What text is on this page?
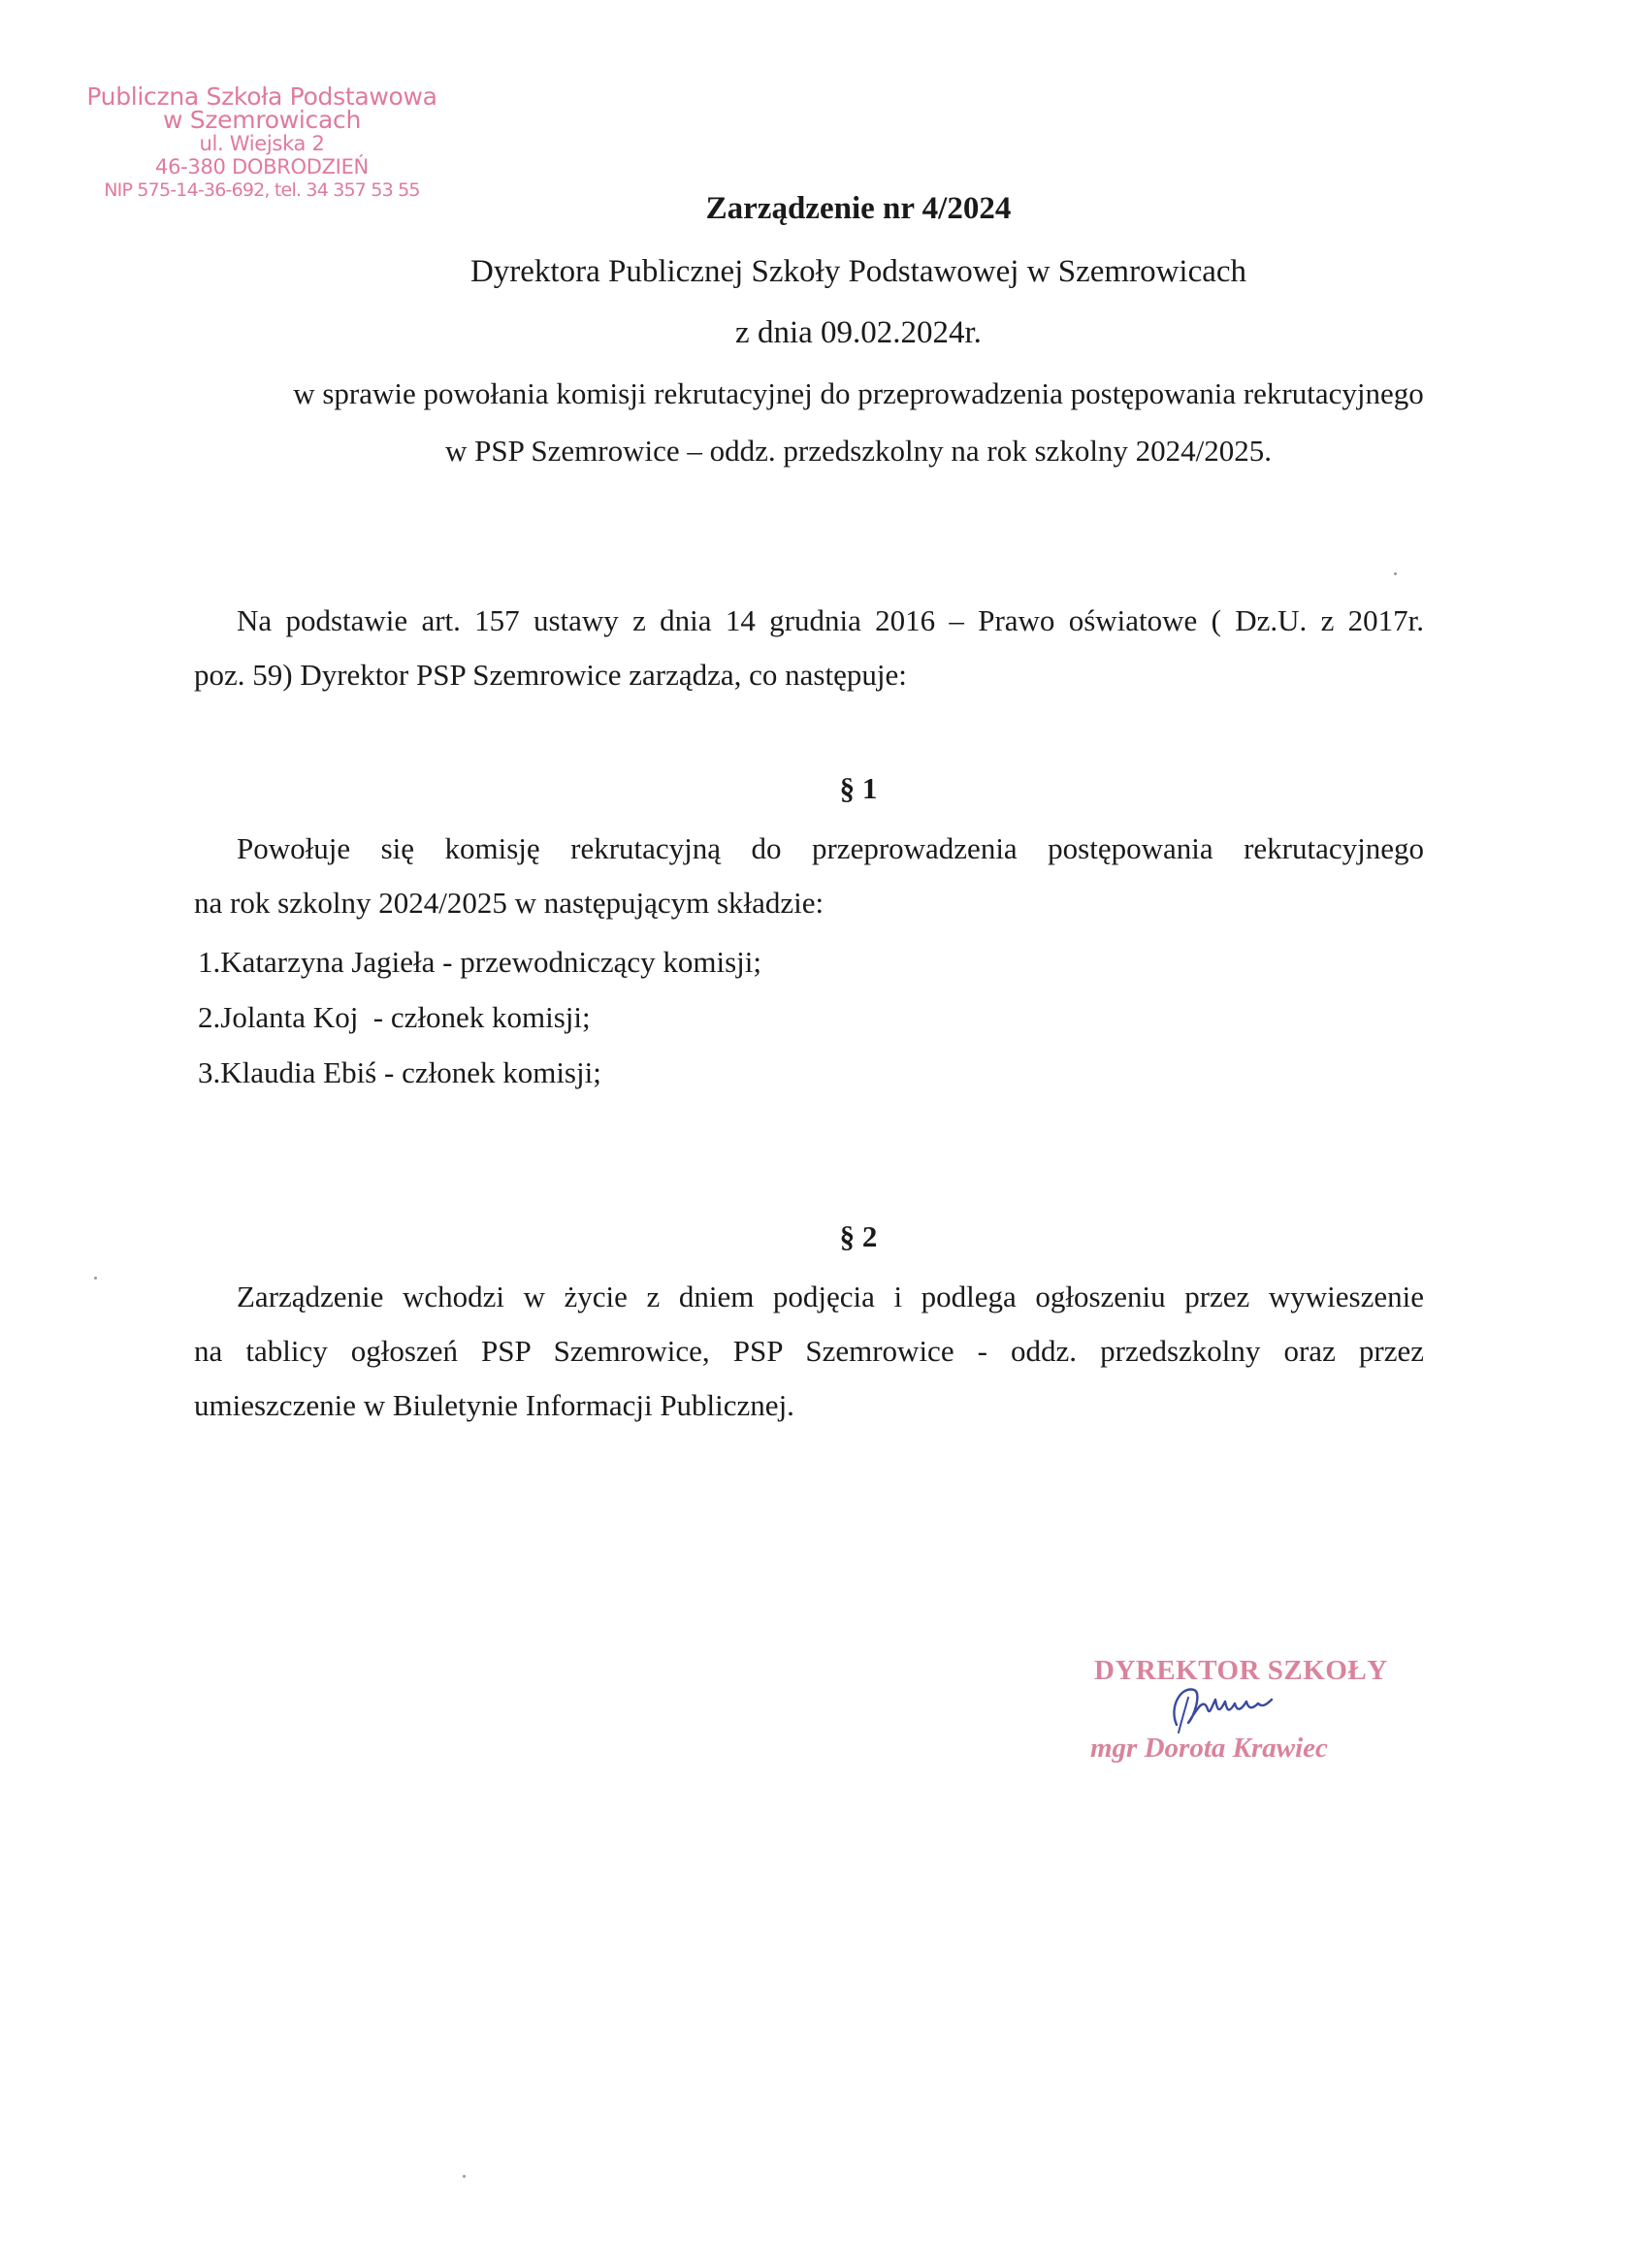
Publiczna Szkoła Podstawowa
w Szemrowicach
ul. Wiejska 2
46-380 DOBRODZIEŃ
NIP 575-14-36-692, tel. 34 357 53 55
Zarządzenie nr 4/2024
Dyrektora Publicznej Szkoły Podstawowej w Szemrowicach
z dnia 09.02.2024r.
w sprawie powołania komisji rekrutacyjnej do przeprowadzenia postępowania rekrutacyjnego
w PSP Szemrowice – oddz. przedszkolny na rok szkolny 2024/2025.
Na podstawie art. 157 ustawy z dnia 14 grudnia 2016 – Prawo oświatowe ( Dz.U. z 2017r.
poz. 59) Dyrektor PSP Szemrowice zarządza, co następuje:
§ 1
Powołuje się komisję rekrutacyjną do przeprowadzenia postępowania rekrutacyjnego
na rok szkolny 2024/2025 w następującym składzie:
1.Katarzyna Jagieła - przewodniczący komisji;
2.Jolanta Koj  - członek komisji;
3.Klaudia Ebiś - członek komisji;
§ 2
Zarządzenie wchodzi w życie z dniem podjęcia i podlega ogłoszeniu przez wywieszenie
na tablicy ogłoszeń PSP Szemrowice, PSP Szemrowice - oddz. przedszkolny oraz przez
umieszczenie w Biuletynie Informacji Publicznej.
DYREKTOR SZKOŁY
mgr Dorota Krawiec
